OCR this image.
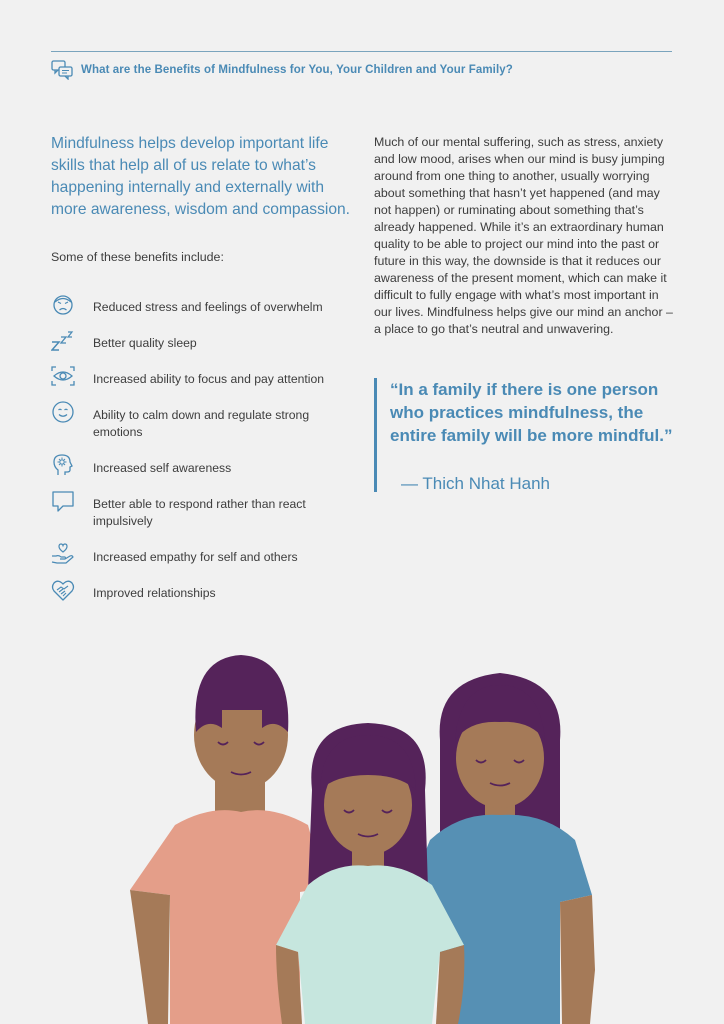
What are the Benefits of Mindfulness for You, Your Children and Your Family?
Mindfulness helps develop important life skills that help all of us relate to what’s happening internally and externally with more awareness, wisdom and compassion.
Some of these benefits include:
Reduced stress and feelings of overwhelm
Better quality sleep
Increased ability to focus and pay attention
Ability to calm down and regulate strong emotions
Increased self awareness
Better able to respond rather than react impulsively
Increased empathy for self and others
Improved relationships
Much of our mental suffering, such as stress, anxiety and low mood, arises when our mind is busy jumping around from one thing to another, usually worrying about something that hasn’t yet happened (and may not happen) or ruminating about something that’s already happened. While it’s an extraordinary human quality to be able to project our mind into the past or future in this way, the downside is that it reduces our awareness of the present moment, which can make it difficult to fully engage with what’s most important in our lives. Mindfulness helps give our mind an anchor – a place to go that’s neutral and unwavering.
“In a family if there is one person who practices mindfulness, the entire family will be more mindful.”
— Thich Nhat Hanh
